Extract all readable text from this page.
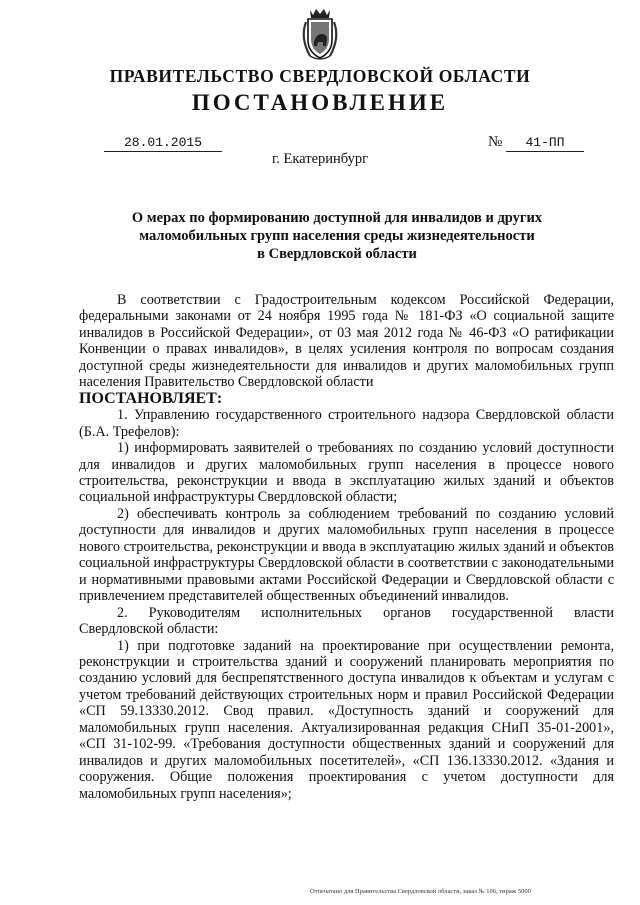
ПРАВИТЕЛЬСТВО СВЕРДЛОВСКОЙ ОБЛАСТИ
ПОСТАНОВЛЕНИЕ
28.01.2015	№	41-ПП
г. Екатеринбург
О мерах по формированию доступной для инвалидов и других
маломобильных групп населения среды жизнедеятельности
в Свердловской области

В соответствии с Градостроительным кодексом Российской Федерации, федеральными законами от 24 ноября 1995 года № 181-ФЗ «О социальной защите инвалидов в Российской Федерации», от 03 мая 2012 года № 46-ФЗ «О ратификации Конвенции о правах инвалидов», в целях усиления контроля по вопросам создания доступной среды жизнедеятельности для инвалидов и других маломобильных групп населения Правительство Свердловской области

ПОСТАНОВЛЯЕТ:

1. Управлению государственного строительного надзора Свердловской области (Б.А. Трефелов):

1) информировать заявителей о требованиях по созданию условий доступности для инвалидов и других маломобильных групп населения в процессе нового строительства, реконструкции и ввода в эксплуатацию жилых зданий и объектов социальной инфраструктуры Свердловской области;

2) обеспечивать контроль за соблюдением требований по созданию условий доступности для инвалидов и других маломобильных групп населения в процессе нового строительства, реконструкции и ввода в эксплуатацию жилых зданий и объектов социальной инфраструктуры Свердловской области в соответствии с законодательными и нормативными правовыми актами Российской Федерации и Свердловской области с привлечением представителей общественных объединений инвалидов.

2. Руководителям исполнительных органов государственной власти Свердловской области:

1) при подготовке заданий на проектирование при осуществлении ремонта, реконструкции и строительства зданий и сооружений планировать мероприятия по созданию условий для беспрепятственного доступа инвалидов к объектам и услугам с учетом требований действующих строительных норм и правил Российской Федерации «СП 59.13330.2012. Свод правил. «Доступность зданий и сооружений для маломобильных групп населения. Актуализированная редакция СНиП 35-01-2001», «СП 31-102-99. «Требования доступности общественных зданий и сооружений для инвалидов и других маломобильных посетителей», «СП 136.13330.2012. «Здания и сооружения. Общие положения проектирования с учетом доступности для маломобильных групп населения»;

Отпечатано для Правительства Свердловской области, заказ № 106, тираж 5000
